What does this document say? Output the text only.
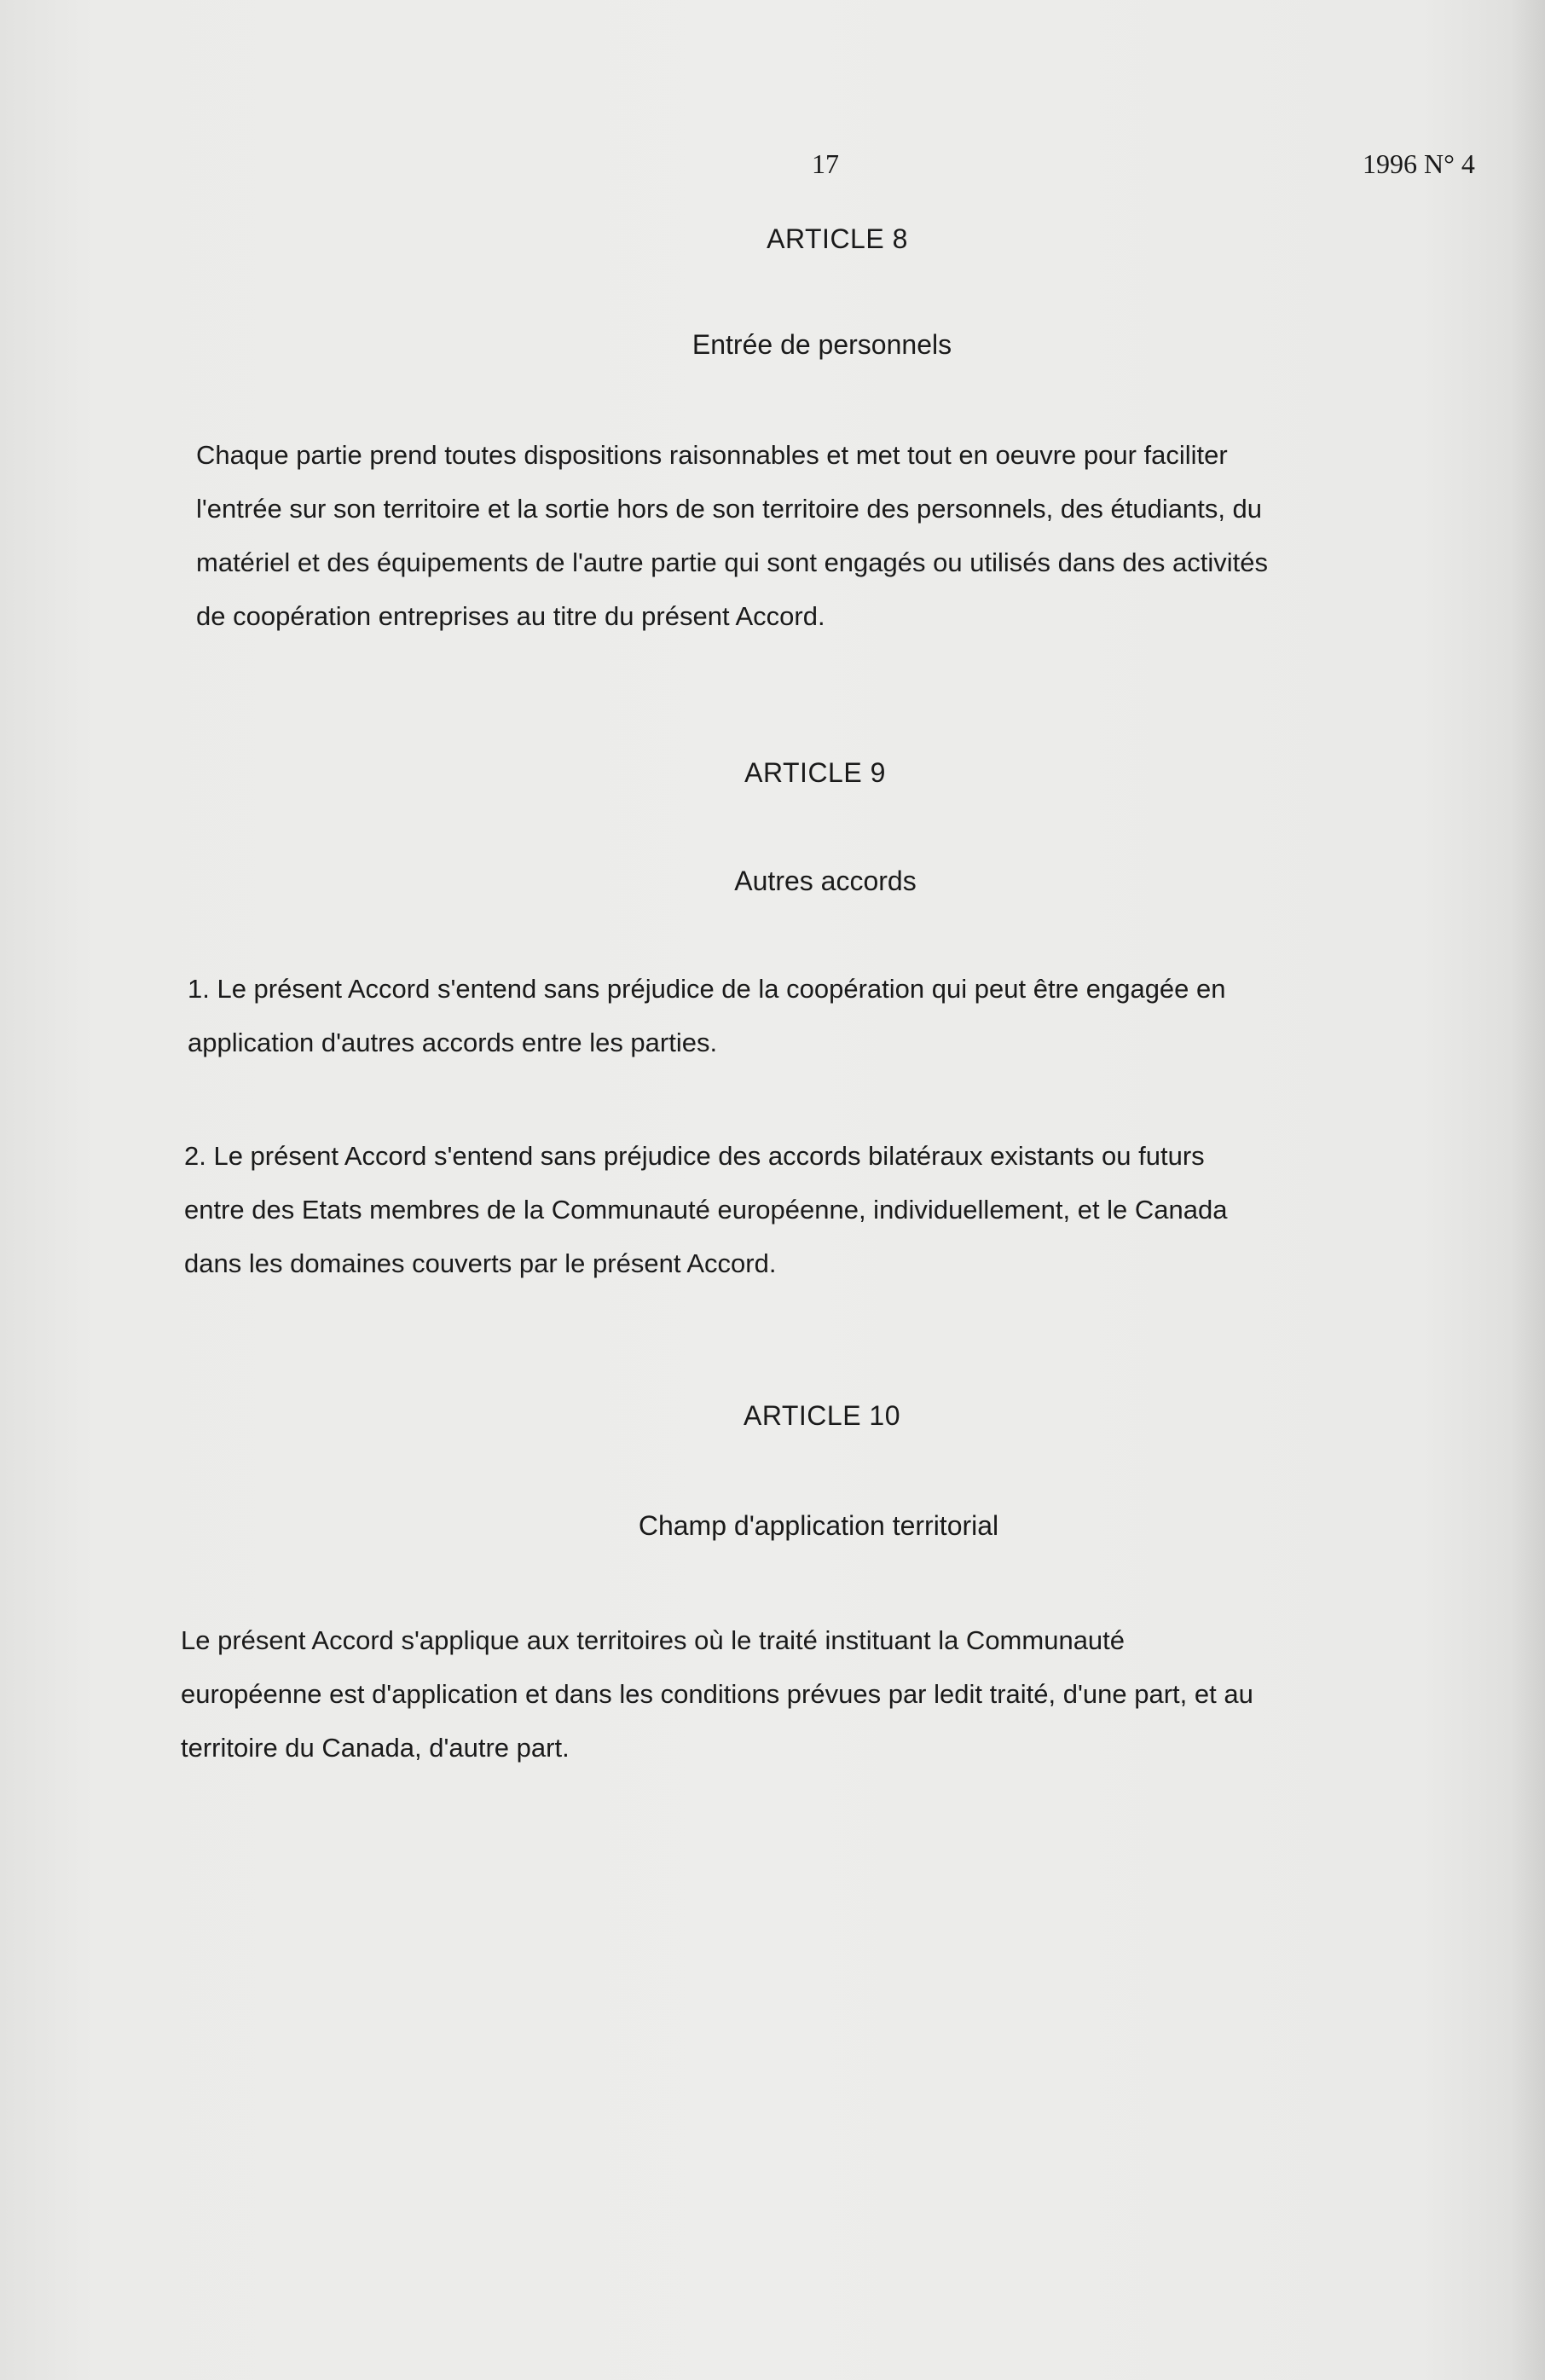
17	1996 N° 4
ARTICLE 8
Entrée de personnels
Chaque partie prend toutes dispositions raisonnables et met tout en oeuvre pour faciliter
l'entrée sur son territoire et la sortie hors de son territoire des personnels, des étudiants, du
matériel et des équipements de l'autre partie qui sont engagés ou utilisés dans des activités
de coopération entreprises au titre du présent Accord.
ARTICLE 9
Autres accords
1. Le présent Accord s'entend sans préjudice de la coopération qui peut être engagée en
application d'autres accords entre les parties.
2. Le présent Accord s'entend sans préjudice des accords bilatéraux existants ou futurs
entre des Etats membres de la Communauté européenne, individuellement, et le Canada
dans les domaines couverts par le présent Accord.
ARTICLE 10
Champ d'application territorial
Le présent Accord s'applique aux territoires où le traité instituant la Communauté
européenne est d'application et dans les conditions prévues par ledit traité, d'une part, et au
territoire du Canada, d'autre part.
